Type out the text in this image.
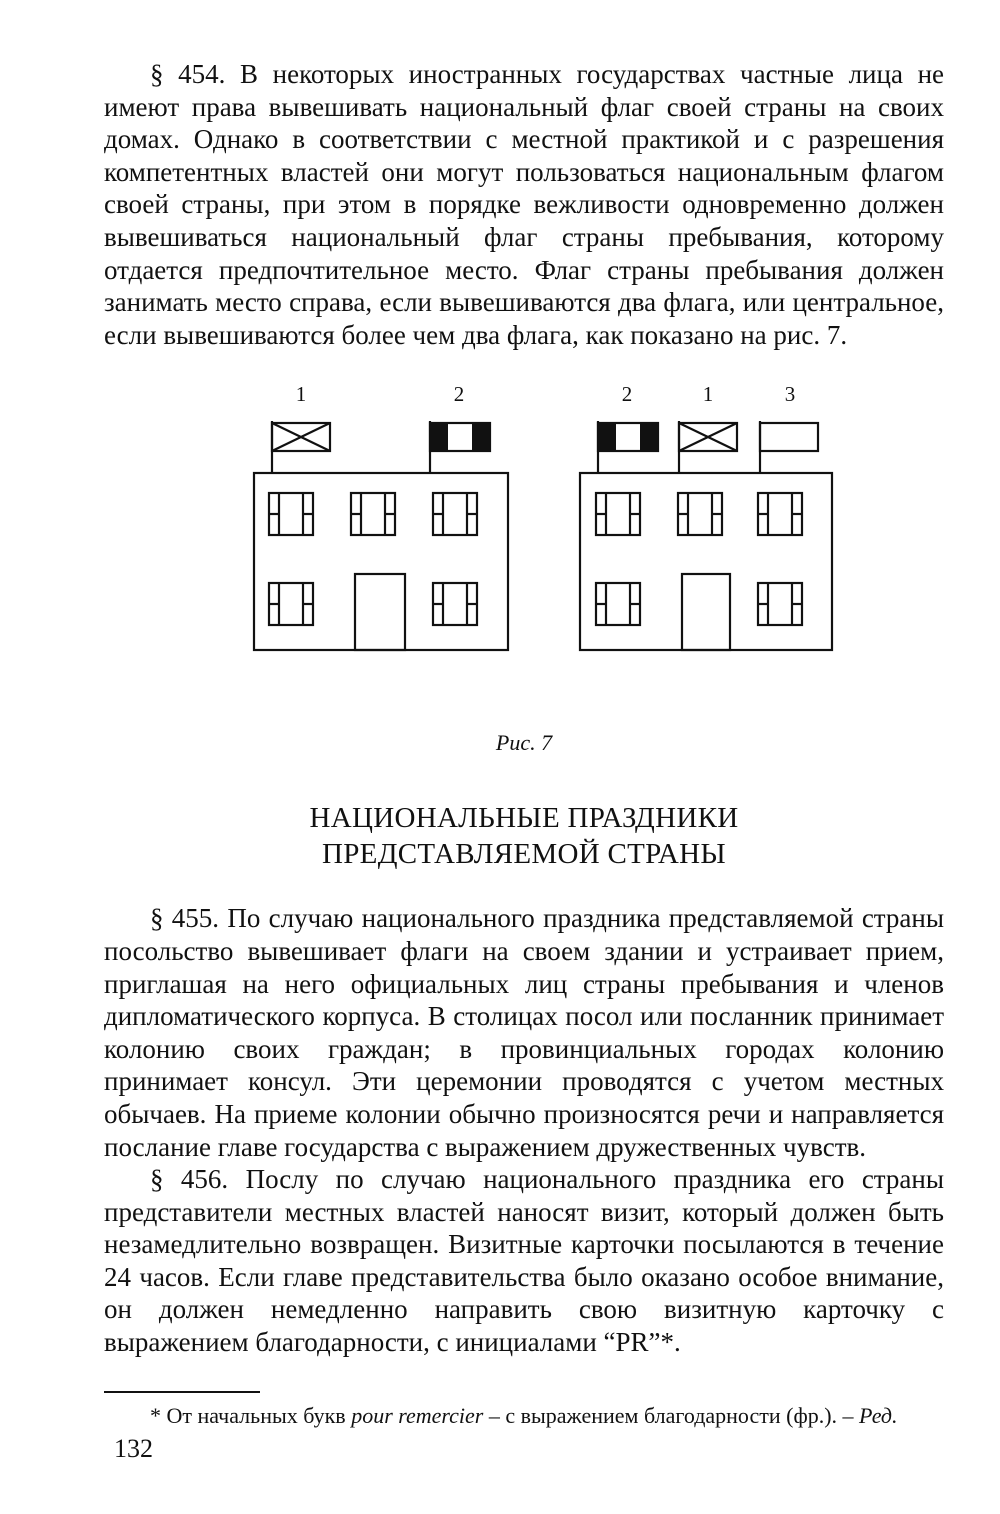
§ 454. В некоторых иностранных государствах частные лица не имеют права вывешивать национальный флаг своей страны на своих домах. Однако в соответствии с местной практикой и с разрешения компетентных властей они могут пользоваться национальным флагом своей страны, при этом в порядке вежливости одновременно должен вывешиваться национальный флаг страны пребывания, которому отдается предпочтительное место. Флаг страны пребывания должен занимать место справа, если вывешиваются два флага, или центральное, если вывешиваются более чем два флага, как показано на рис. 7.

1	2	2	1	3
Рис. 7
НАЦИОНАЛЬНЫЕ ПРАЗДНИКИ
ПРЕДСТАВЛЯЕМОЙ СТРАНЫ

§ 455. По случаю национального праздника представляемой страны посольство вывешивает флаги на своем здании и устраивает прием, приглашая на него официальных лиц страны пребывания и членов дипломатического корпуса. В столицах посол или посланник принимает колонию своих граждан; в провинциальных городах колонию принимает консул. Эти церемонии проводятся с учетом местных обычаев. На приеме колонии обычно произносятся речи и направляется послание главе государства с выражением дружественных чувств.

§ 456. Послу по случаю национального праздника его страны представители местных властей наносят визит, который должен быть незамедлительно возвращен. Визитные карточки посылаются в течение 24 часов. Если главе представительства было оказано особое внимание, он должен немедленно направить свою визитную карточку с выражением благодарности, с инициалами “PR”*.

* От начальных букв pour remercier – с выражением благодарности (фр.). – Ред.

132
